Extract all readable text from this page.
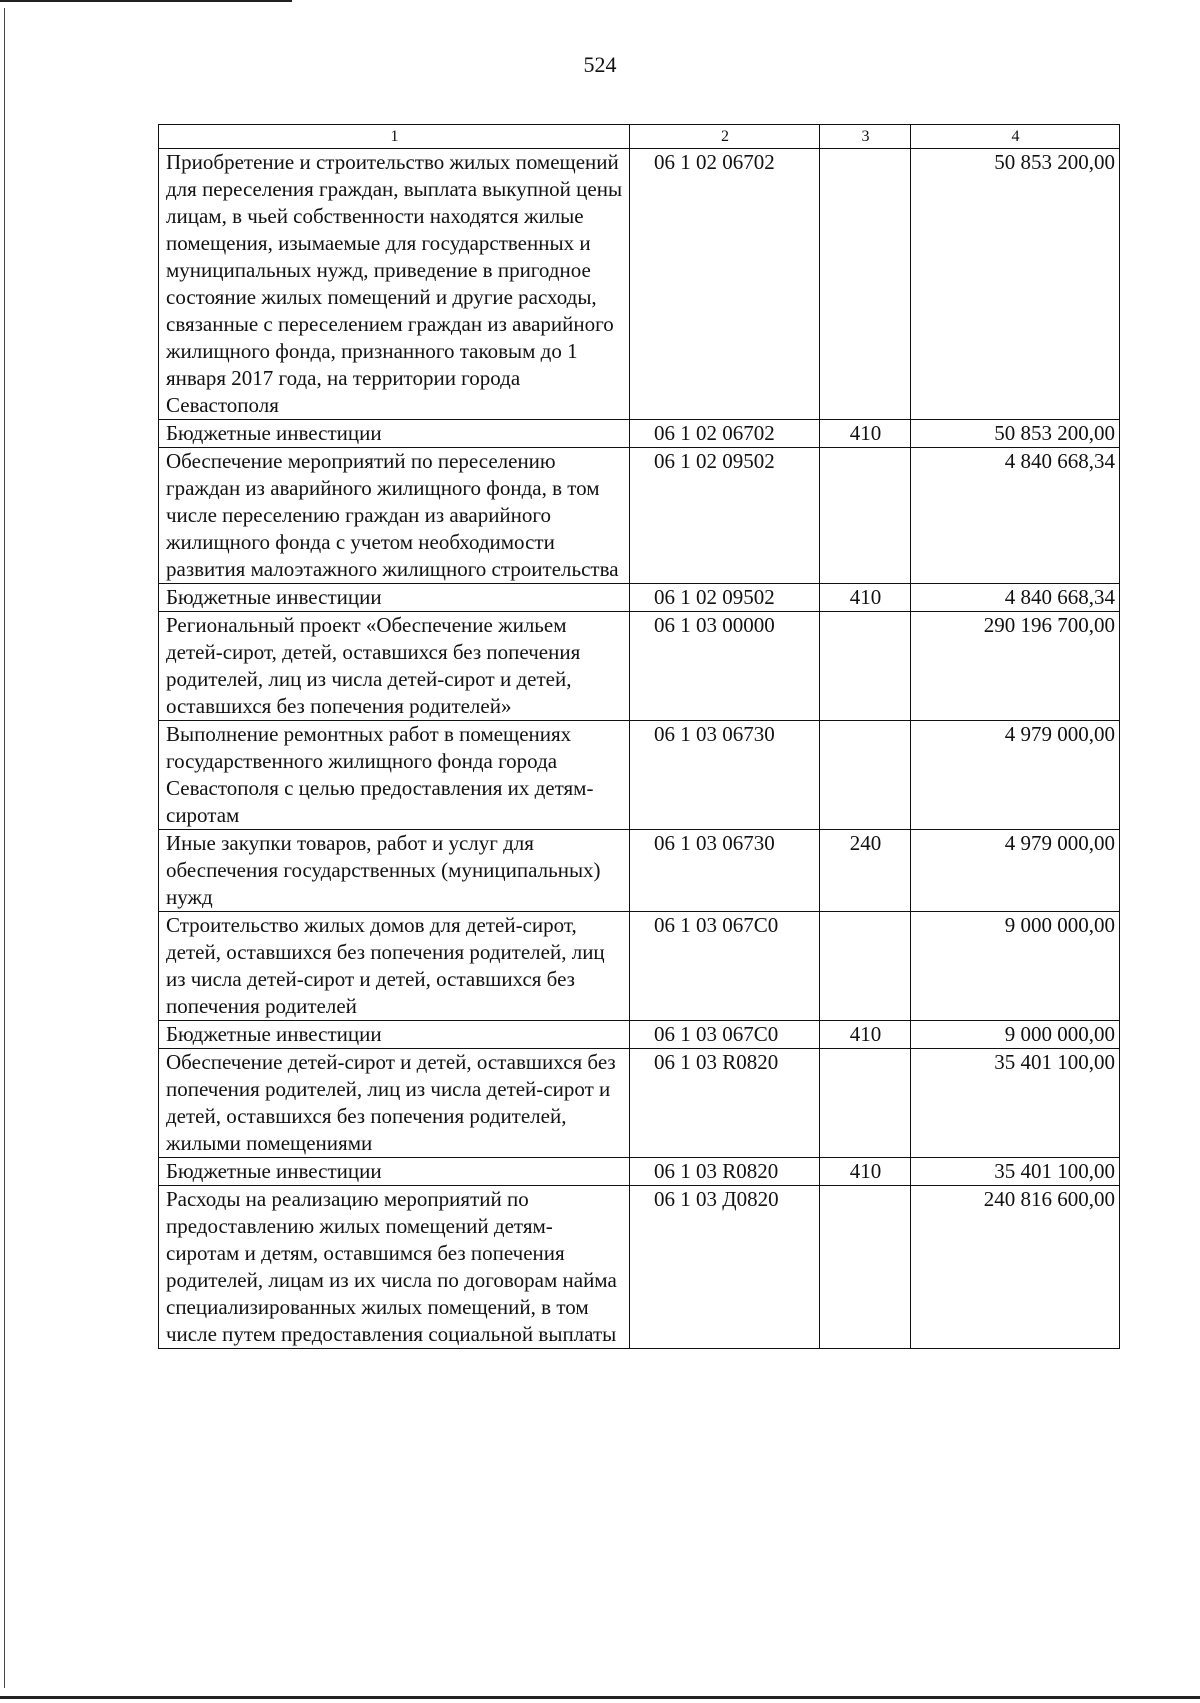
524
1	2	3	4
Приобретение и строительство жилых помещений для переселения граждан, выплата выкупной цены лицам, в чьей собственности находятся жилые помещения, изымаемые для государственных и муниципальных нужд, приведение в пригодное состояние жилых помещений и другие расходы, связанные с переселением граждан из аварийного жилищного фонда, признанного таковым до 1 января 2017 года, на территории города Севастополя	06 1 02 06702		50 853 200,00
Бюджетные инвестиции	06 1 02 06702	410	50 853 200,00
Обеспечение мероприятий по переселению граждан из аварийного жилищного фонда, в том числе переселению граждан из аварийного жилищного фонда с учетом необходимости развития малоэтажного жилищного строительства	06 1 02 09502		4 840 668,34
Бюджетные инвестиции	06 1 02 09502	410	4 840 668,34
Региональный проект «Обеспечение жильем детей-сирот, детей, оставшихся без попечения родителей, лиц из числа детей-сирот и детей, оставшихся без попечения родителей»	06 1 03 00000		290 196 700,00
Выполнение ремонтных работ в помещениях государственного жилищного фонда города Севастополя с целью предоставления их детям-сиротам	06 1 03 06730		4 979 000,00
Иные закупки товаров, работ и услуг для обеспечения государственных (муниципальных) нужд	06 1 03 06730	240	4 979 000,00
Строительство жилых домов для детей-сирот, детей, оставшихся без попечения родителей, лиц из числа детей-сирот и детей, оставшихся без попечения родителей	06 1 03 067С0		9 000 000,00
Бюджетные инвестиции	06 1 03 067С0	410	9 000 000,00
Обеспечение детей-сирот и детей, оставшихся без попечения родителей, лиц из числа детей-сирот и детей, оставшихся без попечения родителей, жилыми помещениями	06 1 03 R0820		35 401 100,00
Бюджетные инвестиции	06 1 03 R0820	410	35 401 100,00
Расходы на реализацию мероприятий по предоставлению жилых помещений детям-сиротам и детям, оставшимся без попечения родителей, лицам из их числа по договорам найма специализированных жилых помещений, в том числе путем предоставления социальной выплаты	06 1 03 Д0820		240 816 600,00
